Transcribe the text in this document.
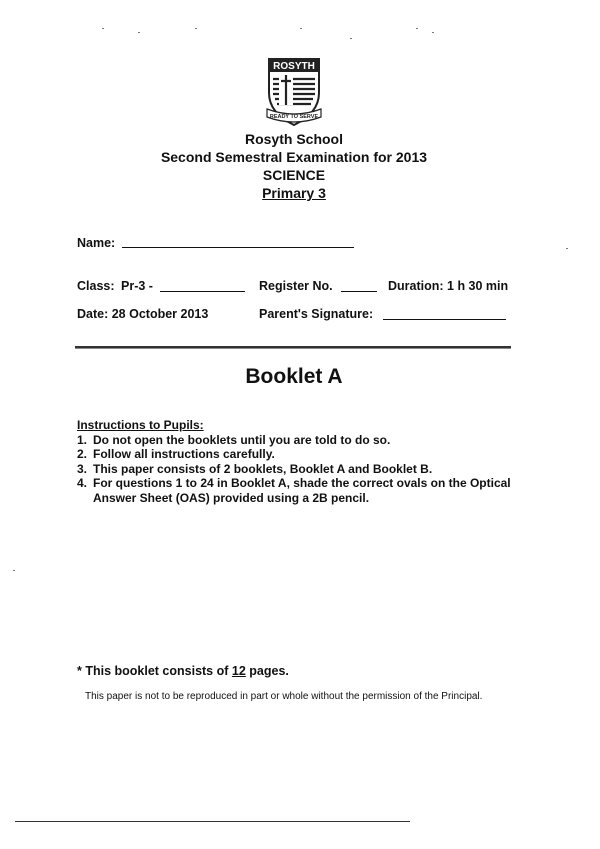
ROSYTH
READY TO SERVE
Rosyth School
Second Semestral Examination for 2013
SCIENCE
Primary 3
Name:
Class: Pr-3 -	Register No.	Duration: 1 h 30 min
Date: 28 October 2013	Parent's Signature:
Booklet A
Instructions to Pupils:
1. Do not open the booklets until you are told to do so.
2. Follow all instructions carefully.
3. This paper consists of 2 booklets, Booklet A and Booklet B.
4. For questions 1 to 24 in Booklet A, shade the correct ovals on the Optical Answer Sheet (OAS) provided using a 2B pencil.
* This booklet consists of 12 pages.
This paper is not to be reproduced in part or whole without the permission of the Principal.
